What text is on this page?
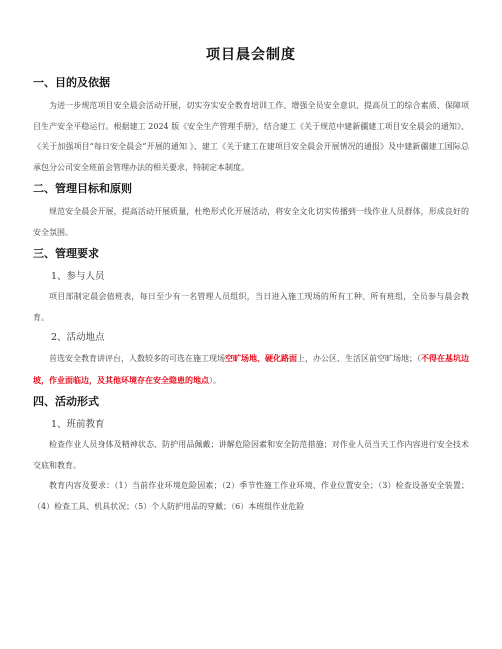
项目晨会制度
一、目的及依据

为进一步规范项目安全晨会活动开展，切实夯实安全教育培训工作、增强全员安全意识、提高员工的综合素质、保障项目生产安全平稳运行。根据建工 2024 版《安全生产管理手册》，结合建工《关于规范中建新疆建工项目安全晨会的通知》、《关于加强项目“每日安全晨会”开展的通知 》、建工《关于建工在建项目安全晨会开展情况的通报》及中建新疆建工国际总承包分公司安全班前会管理办法的相关要求，特制定本制度。

二、管理目标和原则

规范安全晨会开展，提高活动开展质量，杜绝形式化开展活动，将安全文化切实传播到一线作业人员群体，形成良好的安全氛围。

三、管理要求
1、参与人员

项目部制定晨会值班表，每日至少有一名管理人员组织，当日进入施工现场的所有工种、所有班组，全员参与晨会教育。

2、活动地点

首选安全教育讲评台，人数较多的可选在施工现场空旷场地、硬化路面上，办公区、生活区前空旷场地；（不得在基坑边坡，作业面临边，及其他环境存在安全隐患的地点）。

四、活动形式
1、班前教育

检查作业人员身体及精神状态、防护用品佩戴；讲解危险因素和安全防范措施；对作业人员当天工作内容进行安全技术交底和教育。

教育内容及要求：（1）当前作业环境危险因素；（2）季节性施工作业环境、作业位置安全；（3）检查设备安全装置；（4）检查工具、机具状况；（5）个人防护用品的穿戴；（6）本班组作业危险
